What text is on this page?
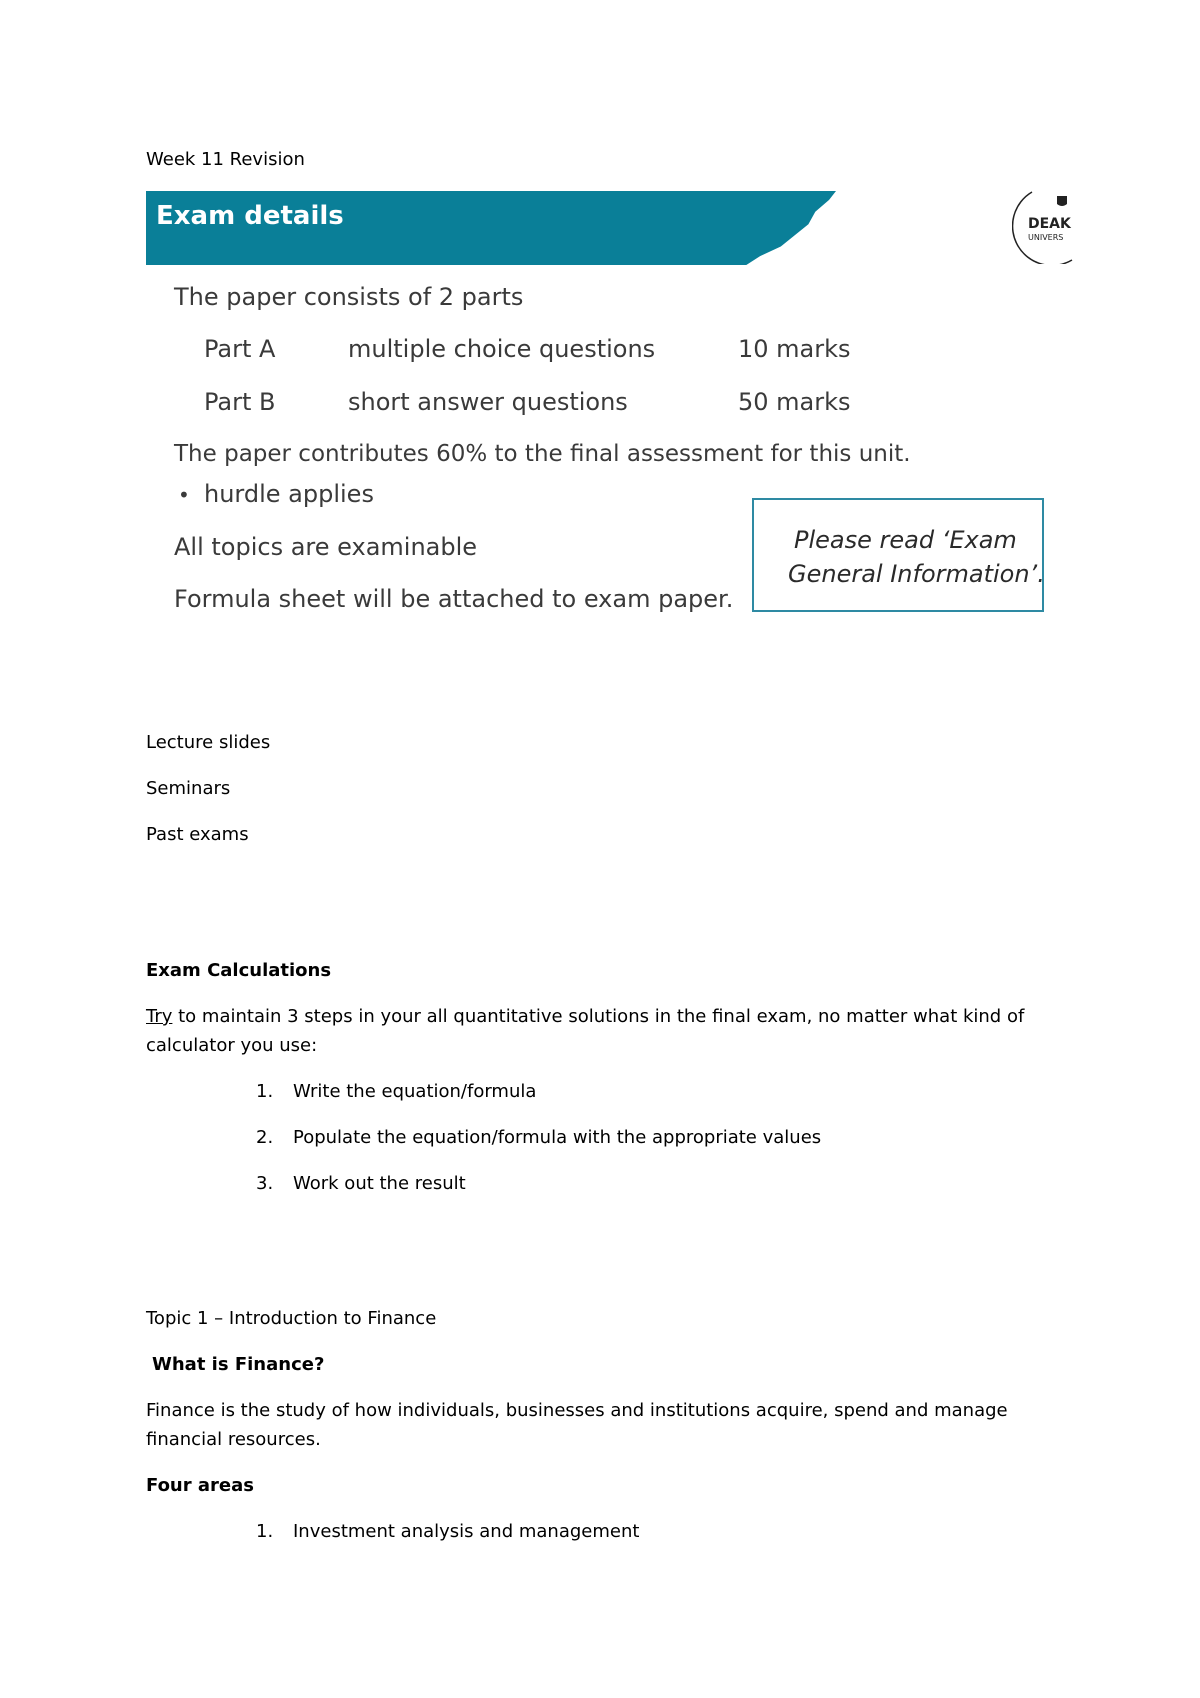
Week 11 Revision
Exam details	DEAK
UNIVERS
The paper consists of 2 parts
Part A	multiple choice questions	10 marks
Part B	short answer questions	50 marks
The paper contributes 60% to the final assessment for this unit.
• hurdle applies
All topics are examinable
Formula sheet will be attached to exam paper.
Please read ‘Exam
General Information’.
Lecture slides
Seminars
Past exams
Exam Calculations
Try to maintain 3 steps in your all quantitative solutions in the final exam, no matter what kind of
calculator you use:
1. Write the equation/formula
2. Populate the equation/formula with the appropriate values
3. Work out the result
Topic 1 – Introduction to Finance
What is Finance?
Finance is the study of how individuals, businesses and institutions acquire, spend and manage
financial resources.
Four areas
1. Investment analysis and management
